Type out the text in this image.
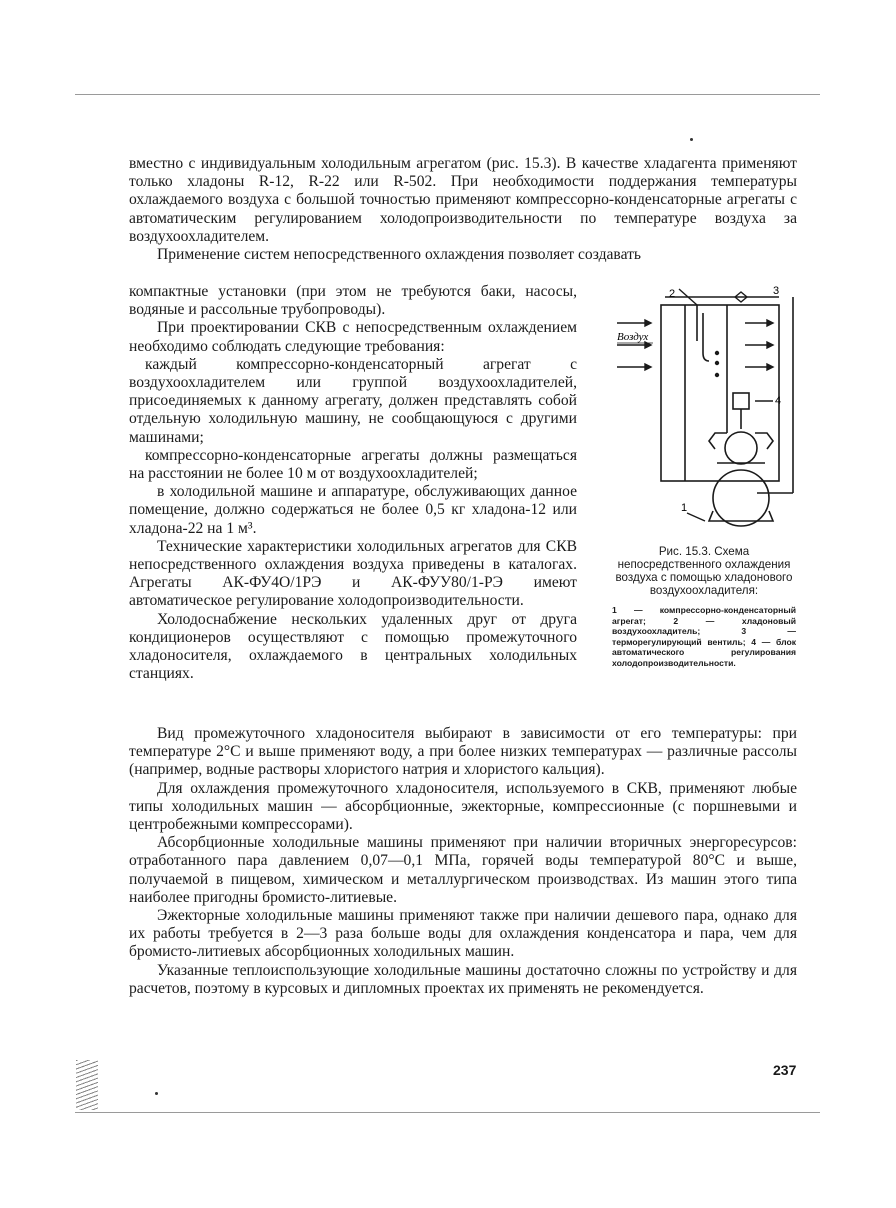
вместно с индивидуальным холодильным агрегатом (рис. 15.3). В качестве хладагента применяют только хладоны R-12, R-22 или R-502. При необходимости поддержания температуры охлаждаемого воздуха с большой точностью применяют компрессорно-конденсаторные агрегаты с автоматическим регулированием холодопроизводительности по температуре воздуха за воздухоохладителем.

Применение систем непосредственного охлаждения позволяет создавать

компактные установки (при этом не требуются баки, насосы, водяные и рассольные трубопроводы).

При проектировании СКВ с непосредственным охлаждением необходимо соблюдать следующие требования:

каждый компрессорно-конденсаторный агрегат с воздухоохладителем или группой воздухоохладителей, присоединяемых к данному агрегату, должен представлять собой отдельную холодильную машину, не сообщающуюся с другими машинами;

компрессорно-конденсаторные агрегаты должны размещаться на расстоянии не более 10 м от воздухоохладителей;

в холодильной машине и аппаратуре, обслуживающих данное помещение, должно содержаться не более 0,5 кг хладона-12 или хладона-22 на 1 м³.

Технические характеристики холодильных агрегатов для СКВ непосредственного охлаждения воздуха приведены в каталогах. Агрегаты АК-ФУ4О/1РЭ и АК-ФУУ80/1-РЭ имеют автоматическое регулирование холодопроизводительности.

Холодоснабжение нескольких удаленных друг от друга кондиционеров осуществляют с помощью промежуточного хладоносителя, охлаждаемого в центральных холодильных станциях.

Воздух
2	3
4
1
Рис. 15.3. Схема непосредственного охлаждения воздуха с помощью хладонового воздухоохладителя:
1 — компрессорно-конденсаторный агрегат; 2 — хладоновый воздухоохладитель; 3 — терморегулирующий вентиль; 4 — блок автоматического регулирования холодопроизводительности.

Вид промежуточного хладоносителя выбирают в зависимости от его температуры: при температуре 2°С и выше применяют воду, а при более низких температурах — различные рассолы (например, водные растворы хлористого натрия и хлористого кальция).

Для охлаждения промежуточного хладоносителя, используемого в СКВ, применяют любые типы холодильных машин — абсорбционные, эжекторные, компрессионные (с поршневыми и центробежными компрессорами).

Абсорбционные холодильные машины применяют при наличии вторичных энергоресурсов: отработанного пара давлением 0,07—0,1 МПа, горячей воды температурой 80°С и выше, получаемой в пищевом, химическом и металлургическом производствах. Из машин этого типа наиболее пригодны бромисто-литиевые.

Эжекторные холодильные машины применяют также при наличии дешевого пара, однако для их работы требуется в 2—3 раза больше воды для охлаждения конденсатора и пара, чем для бромисто-литиевых абсорбционных холодильных машин.

Указанные теплоиспользующие холодильные машины достаточно сложны по устройству и для расчетов, поэтому в курсовых и дипломных проектах их применять не рекомендуется.

237
